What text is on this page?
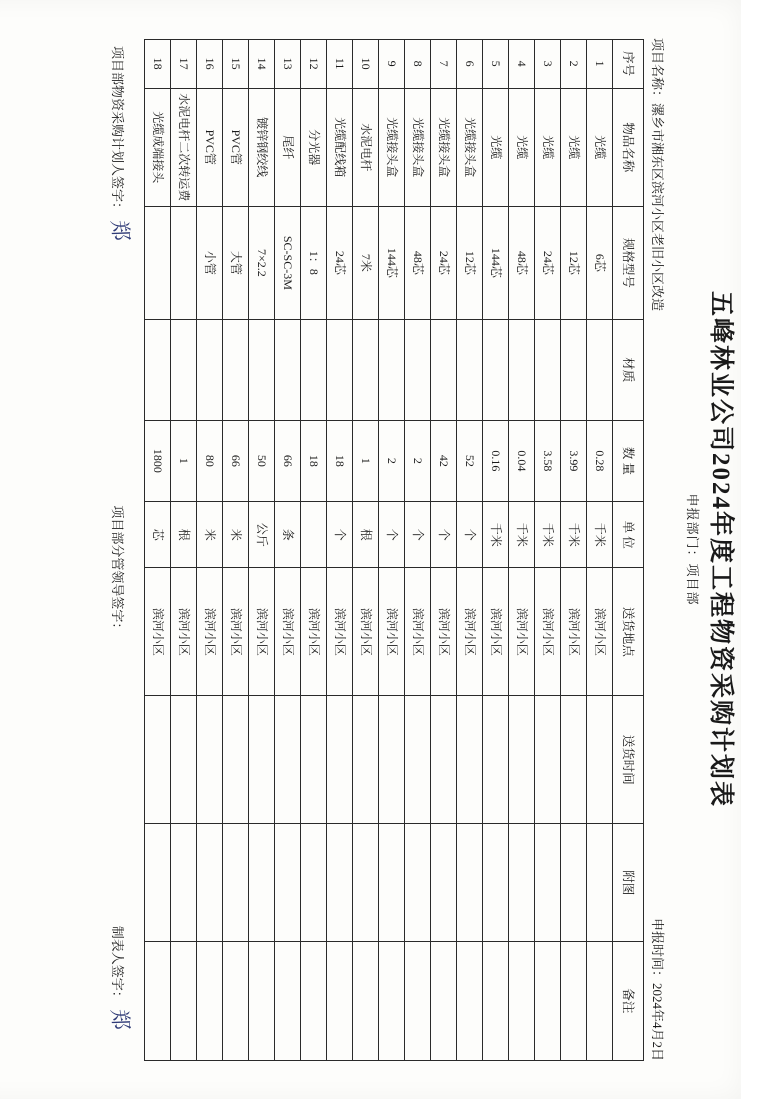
五峰林业公司2024年度工程物资采购计划表
申报部门：项目部
项目名称：漯乡市湘东区滨河小区老旧小区改造
申报时间：2024年4月2日
序号	物品名称	规格型号	材质	数 量	单 位	送货地点	送货时间	附图	备注
1	光缆	6芯		0.28	千米	滨河小区			
2	光缆	12芯		3.99	千米	滨河小区			
3	光缆	24芯		3.58	千米	滨河小区			
4	光缆	48芯		0.04	千米	滨河小区			
5	光缆	144芯		0.16	千米	滨河小区			
6	光缆接头盒	12芯		52	个	滨河小区			
7	光缆接头盒	24芯		42	个	滨河小区			
8	光缆接头盒	48芯		2	个	滨河小区			
9	光缆接头盒	144芯		2	个	滨河小区			
10	水泥电杆	7米		1	根	滨河小区			
11	光缆配线箱	24芯		18	个	滨河小区			
12	分光器	1：8		18		滨河小区			
13	尾纤	SC-SC-3M		66	条	滨河小区			
14	镀锌钢绞线	7×2.2		50	公斤	滨河小区			
15	PVC管	大管		66	米	滨河小区			
16	PVC管	小管		80	米	滨河小区			
17	水泥电杆二次转运费			1	根	滨河小区			
18	光缆成端接头			1800	芯	滨河小区			
项目部物资采购计划人签字：
郑
项目部分管领导签字：
制表人签字：
郑
